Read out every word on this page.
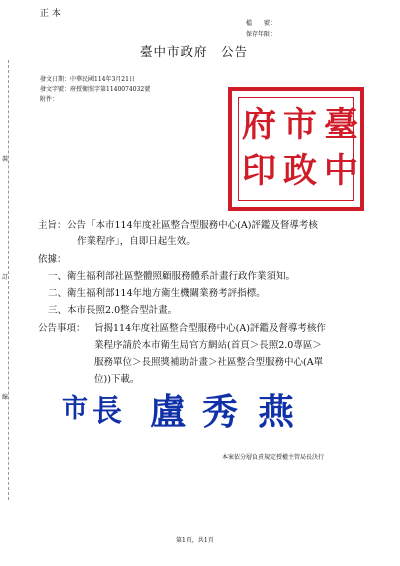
正 本
檔　　號：
保存年限：
臺中市政府　公告
發文日期：中華民國114年3月21日
發文字號：府授衛照字第1140074032號
附件：
裝
訂
線
臺
中
市
政
府
印
主旨： 公告「本市114年度社區整合型服務中心(A)評鑑及督導考核
作業程序」，自即日起生效。
依據：
一、衛生福利部社區整體照顧服務體系計畫行政作業須知。
二、衛生福利部114年地方衛生機關業務考評指標。
三、本市長照2.0整合型計畫。
公告事項： 旨揭114年度社區整合型服務中心(A)評鑑及督導考核作
業程序請於本市衛生局官方網站(首頁＞長照2.0專區＞
服務單位＞長照獎補助計畫＞社區整合型服務中心(A單
位))下載。
市 長 盧 秀 燕
本案依分層負責規定授權主管局長決行
第1頁，共1頁
